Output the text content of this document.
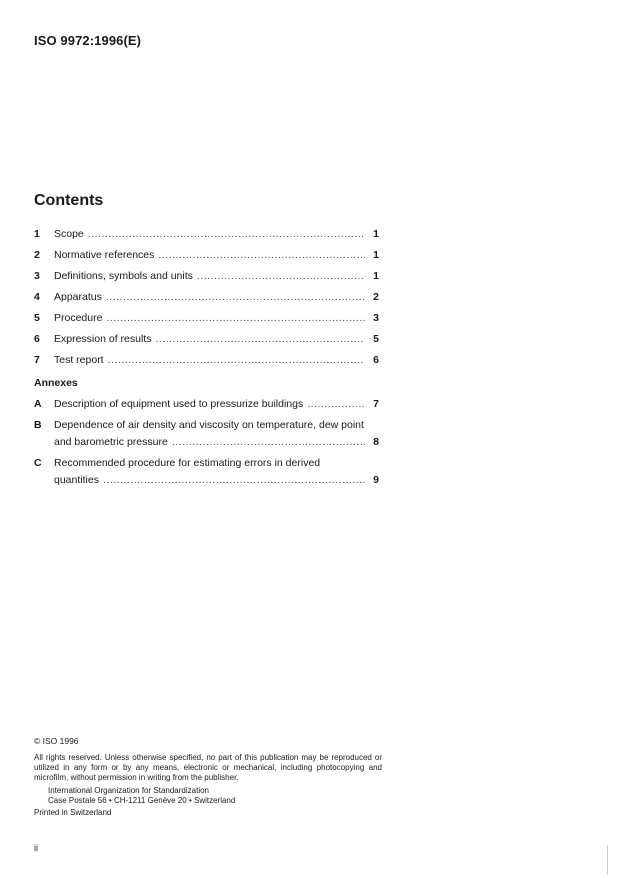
ISO 9972:1996(E)
Contents
1	Scope .....	1
2	Normative references .....	1
3	Definitions, symbols and units .....	1
4	Apparatus .....	2
5	Procedure .....	3
6	Expression of results .....	5
7	Test report .....	6
Annexes
A	Description of equipment used to pressurize buildings .....	7
B	Dependence of air density and viscosity on temperature, dew point
and barometric pressure .....	8
C	Recommended procedure for estimating errors in derived
quantities .....	9
© ISO 1996
All rights reserved. Unless otherwise specified, no part of this publication may be reproduced or utilized in any form or by any means, electronic or mechanical, including photocopying and microfilm, without permission in writing from the publisher.
International Organization for Standardization
Case Postale 56 • CH-1211 Genève 20 • Switzerland
Printed in Switzerland
ii
